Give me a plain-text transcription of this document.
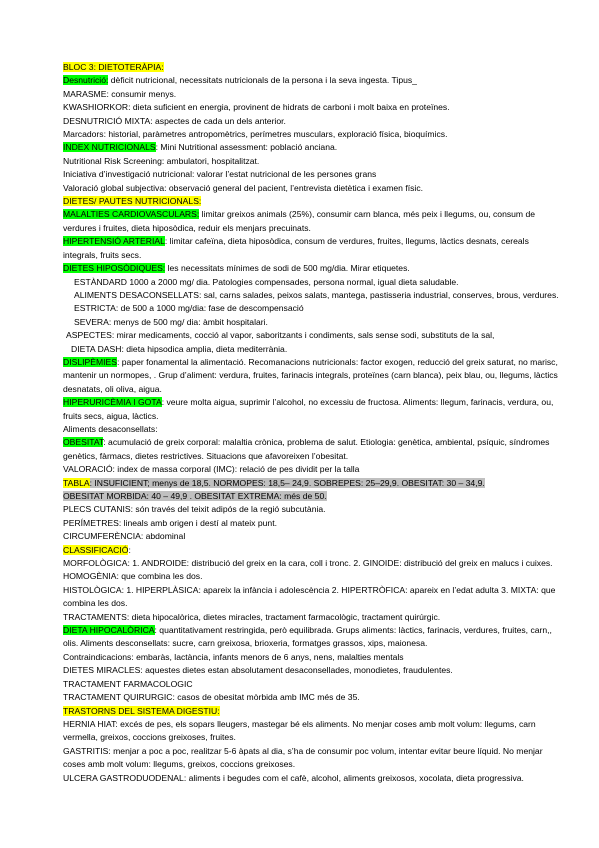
BLOC 3: DIETOTERÀPIA:
Desnutrició: dèficit nutricional, necessitats nutricionals de la persona i la seva ingesta. Tipus_
MARASME: consumir menys.
KWASHIORKOR: dieta suficient en energia, provinent de hidrats de carboni i molt baixa en proteïnes.
DESNUTRICIÓ MIXTA: aspectes de cada un dels anterior.
Marcadors: historial, paràmetres antropomètrics, perímetres musculars, exploració física, bioquímics.
INDEX NUTRICIONALS: Mini Nutritional assessment: població anciana.
Nutritional Risk Screening: ambulatori, hospitalitzat.
Iniciativa d’investigació nutricional: valorar l’estat nutricional de les persones grans
Valoració global subjectiva: observació general del pacient, l’entrevista dietètica i examen físic.
DIETES/ PAUTES NUTRICIONALS:
MALALTIES CARDIOVASCULARS: limitar greixos animals (25%), consumir carn blanca, més peix i llegums, ou, consum de verdures i fruites, dieta hiposòdica, reduir els menjars precuinats.
HIPERTENSIÓ ARTERIAL: limitar cafeïna, dieta hiposòdica, consum de verdures, fruites, llegums, làctics desnats, cereals integrals, fruits secs.
DIETES HIPOSÒDIQUES: les necessitats mínimes de sodi de 500 mg/dia. Mirar etiquetes.
ESTÀNDARD 1000 a 2000 mg/ dia. Patologies compensades, persona normal, igual dieta saludable.
ALIMENTS DESACONSELLATS: sal, carns salades, peixos salats, mantega, pastisseria industrial, conserves, brous, verdures.
ESTRICTA: de 500 a 1000 mg/dia: fase de descompensació
SEVERA: menys de 500 mg/ dia: àmbit hospitalari.
ASPECTES: mirar medicaments, cocció al vapor, saboritzants i condiments, sals sense sodi, substituts de la sal,
DIETA DASH: dieta hipsodica amplia, dieta mediterrània.
DISLIPÈMIES: paper fonamental la alimentació. Recomanacions nutricionals: factor exogen, reducció del greix saturat, no marisc, mantenir un normopes, . Grup d’aliment: verdura, fruites, farinacis integrals, proteïnes (carn blanca), peix blau, ou, llegums, làctics desnatats, oli oliva, aigua.
HIPERURICÈMIA I GOTA: veure molta aigua, suprimir l’alcohol, no excessiu de fructosa. Aliments: llegum, farinacis, verdura, ou, fruits secs, aigua, làctics.
Aliments desaconsellats:
OBESITAT: acumulació de greix corporal: malaltia crònica, problema de salut. Etiologia: genètica, ambiental, psíquic, síndromes genètics, fàrmacs, dietes restrictives. Situacions que afavoreixen l’obesitat.
VALORACIÓ: index de massa corporal (IMC): relació de pes dividit per la talla
TABLA: INSUFICIENT; menys de 18,5. NORMOPES: 18,5– 24,9. SOBREPES: 25–29,9. OBESITAT: 30 – 34,9.
OBESITAT MORBIDA: 40 – 49,9 . OBESITAT EXTREMA: més de 50.
PLECS CUTANIS: són través del teixit adipós de la regió subcutània.
PERÍMETRES: lineals amb origen i destí al mateix punt.
CIRCUMFERÈNCIA: abdominal
CLASSIFICACIÓ:
MORFOLÒGICA: 1. ANDROIDE: distribució del greix en la cara, coll i tronc. 2. GINOIDE: distribució del greix en malucs i cuixes. HOMOGÈNIA: que combina les dos.
HISTOLÒGICA: 1. HIPERPLÀSICA: apareix la infància i adolescència 2. HIPERTRÒFICA: apareix en l’edat adulta 3. MIXTA: que combina les dos.
TRACTAMENTS: dieta hipocalòrica, dietes miracles, tractament farmacològic, tractament quirúrgic.
DIETA HIPOCALÒRICA: quantitativament restringida, però equilibrada. Grups aliments: làctics, farinacis, verdures, fruites, carn,, olis. Aliments desconsellats: sucre, carn greixosa, brioxeria, formatges grassos, xips, maionesa.
Contraindicacions: embaràs, lactància, infants menors de 6 anys, nens, malalties mentals
DIETES MIRACLES: aquestes dietes estan absolutament desaconsellades, monodietes, fraudulentes.
TRACTAMENT FARMACOLOGIC
TRACTAMENT QUIRURGIC: casos de obesitat mòrbida amb IMC més de 35.
TRASTORNS DEL SISTEMA DIGESTIU:
HERNIA HIAT: excés de pes, els sopars lleugers, mastegar bé els aliments. No menjar coses amb molt volum: llegums, carn vermella, greixos, coccions greixoses, fruites.
GASTRITIS: menjar a poc a poc, realitzar 5-6 àpats al dia, s’ha de consumir poc volum, intentar evitar beure líquid. No menjar coses amb molt volum: llegums, greixos, coccions greixoses.
ULCERA GASTRODUODENAL: aliments i begudes com el cafè, alcohol, aliments greixosos, xocolata, dieta progressiva.
